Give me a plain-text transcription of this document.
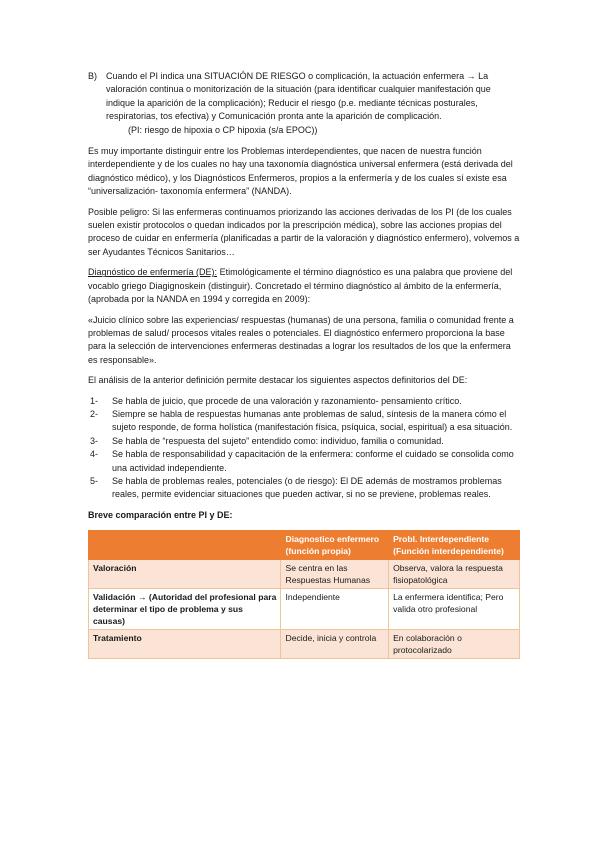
B)	Cuando el PI indica una SITUACIÓN DE RIESGO o complicación, la actuación enfermera → La valoración continua o monitorización de la situación (para identificar cualquier manifestación que indique la aparición de la complicación); Reducir el riesgo (p.e. mediante técnicas posturales, respiratorias, tos efectiva) y Comunicación pronta ante la aparición de complicación.
(PI: riesgo de hipoxia o CP hipoxia (s/a EPOC))

Es muy importante distinguir entre los Problemas interdependientes, que nacen de nuestra función interdependiente y de los cuales no hay una taxonomía diagnóstica universal enfermera (está derivada del diagnóstico médico), y los Diagnósticos Enfermeros, propios a la enfermería y de los cuales sí existe esa “universalización- taxonomía enfermera” (NANDA).

Posible peligro: Si las enfermeras continuamos priorizando las acciones derivadas de los PI (de los cuales suelen existir protocolos o quedan indicados por la prescripción médica), sobre las acciones propias del proceso de cuidar en enfermería (planificadas a partir de la valoración y diagnóstico enfermero), volvemos a ser Ayudantes Técnicos Sanitarios…

Diagnóstico de enfermería (DE): Etimológicamente el término diagnóstico es una palabra que proviene del vocablo griego Diagignoskein (distinguir). Concretado el término diagnóstico al ámbito de la enfermería, (aprobada por la NANDA en 1994 y corregida en 2009):

«Juicio clínico sobre las experiencias/ respuestas (humanas) de una persona, familia o comunidad frente a problemas de salud/ procesos vitales reales o potenciales. El diagnóstico enfermero proporciona la base para la selección de intervenciones enfermeras destinadas a lograr los resultados de los que la enfermera es responsable».

El análisis de la anterior definición permite destacar los siguientes aspectos definitorios del DE:

1-	Se habla de juicio, que procede de una valoración y razonamiento- pensamiento crítico.
2-	Siempre se habla de respuestas humanas ante problemas de salud, síntesis de la manera cómo el sujeto responde, de forma holística (manifestación física, psíquica, social, espiritual) a esa situación.
3-	Se habla de “respuesta del sujeto” entendido como: individuo, familia o comunidad.
4-	Se habla de responsabilidad y capacitación de la enfermera: conforme el cuidado se consolida como una actividad independiente.
5-	Se habla de problemas reales, potenciales (o de riesgo): El DE además de mostramos problemas reales, permite evidenciar situaciones que pueden activar, si no se previene, problemas reales.
Breve comparación entre PI y DE:
	Diagnostico enfermero (función propia)	Probl. Interdependiente (Función interdependiente)
Valoración	Se centra en las Respuestas Humanas	Observa, valora la respuesta fisiopatológica
Validación → (Autoridad del profesional para determinar el tipo de problema y sus causas)	Independiente	La enfermera identifica; Pero valida otro profesional
Tratamiento	Decide, inicia y controla	En colaboración o protocolarizado
